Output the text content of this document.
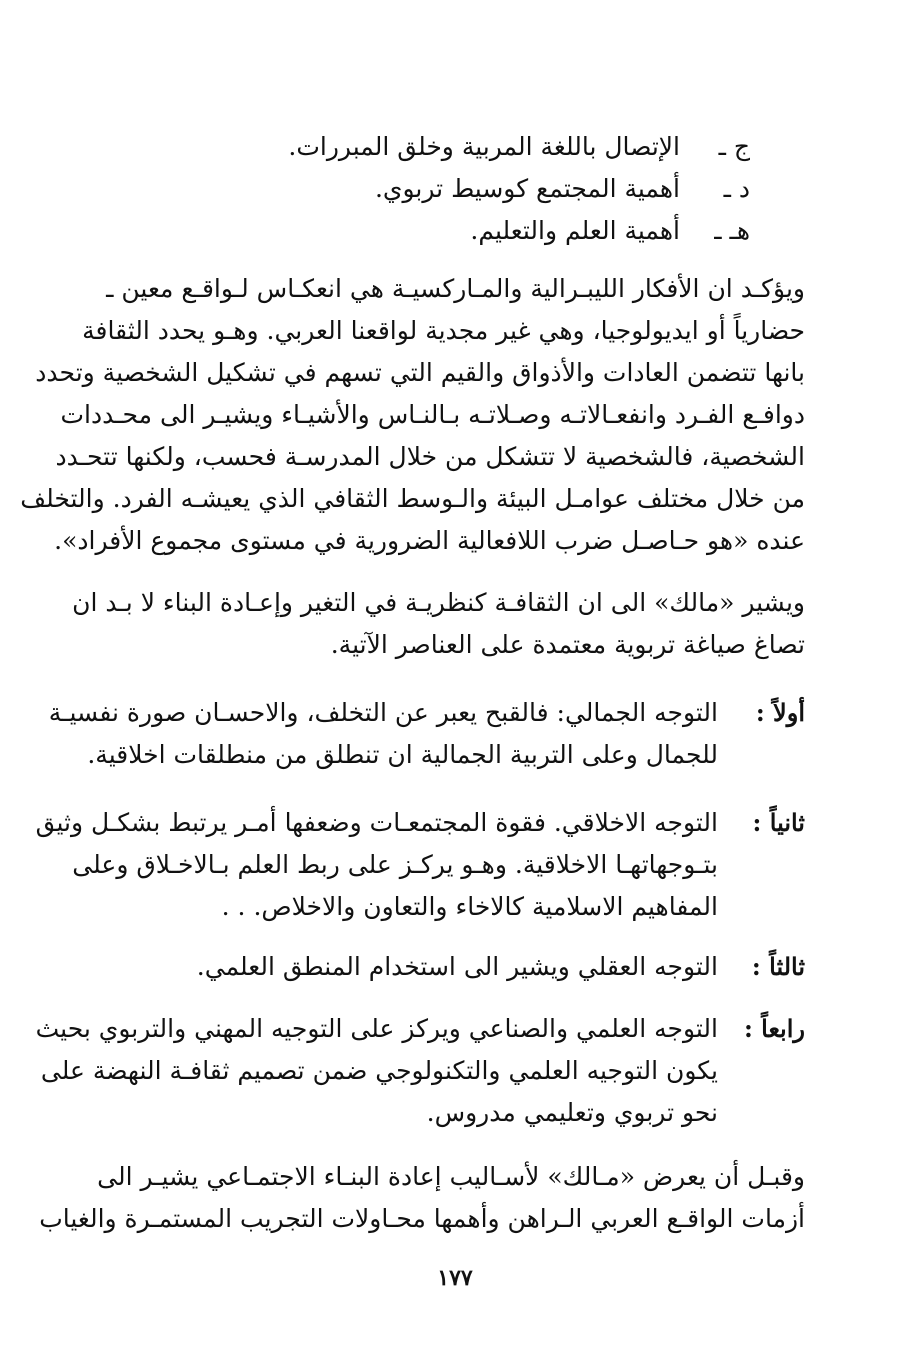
ج ـ
الإتصال باللغة المربية وخلق المبررات.
د ـ
أهمية المجتمع كوسيط تربوي.
هـ ـ
أهمية العلم والتعليم.
ويؤكـد ان الأفكار الليبـرالية والمـاركسيـة هي انعكـاس لـواقـع معين ـ
حضارياً أو ايديولوجيا، وهي غير مجدية لواقعنا العربي. وهـو يحدد الثقافة
بانها تتضمن العادات والأذواق والقيم التي تسهم في تشكيل الشخصية وتحدد
دوافـع الفـرد وانفعـالاتـه وصـلاتـه بـالنـاس والأشيـاء ويشيـر الى محـددات
الشخصية، فالشخصية لا تتشكل من خلال المدرسـة فحسب، ولكنها تتحـدد
من خلال مختلف عوامـل البيئة والـوسط الثقافي الذي يعيشـه الفرد. والتخلف
عنده «هو حـاصـل ضرب اللافعالية الضرورية في مستوى مجموع الأفراد».
ويشير «مالك» الى ان الثقافـة كنظريـة في التغير وإعـادة البناء لا بـد ان
تصاغ صياغة تربوية معتمدة على العناصر الآتية.
أولاً :
التوجه الجمالي: فالقبح يعبر عن التخلف، والاحسـان صورة نفسيـة
للجمال وعلى التربية الجمالية ان تنطلق من منطلقات اخلاقية.
ثانياً :
التوجه الاخلاقي. فقوة المجتمعـات وضعفها أمـر يرتبط بشكـل وثيق
بتـوجهاتهـا الاخلاقية. وهـو يركـز على ربط العلم بـالاخـلاق وعلى
المفاهيم الاسلامية كالاخاء والتعاون والاخلاص. . .
ثالثاً :
التوجه العقلي ويشير الى استخدام المنطق العلمي.
رابعاً :
التوجه العلمي والصناعي ويركز على التوجيه المهني والتربوي بحيث
يكون التوجيه العلمي والتكنولوجي ضمن تصميم ثقافـة النهضة على
نحو تربوي وتعليمي مدروس.
وقبـل أن يعرض «مـالك» لأسـاليب إعادة البنـاء الاجتمـاعي يشيـر الى
أزمات الواقـع العربي الـراهن وأهمها محـاولات التجريب المستمـرة والغياب
١٧٧
